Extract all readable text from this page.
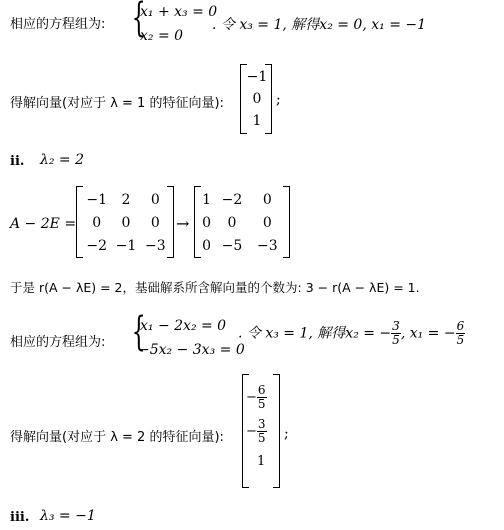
相应的方程组为: {
x₁ + x₃ = 0
x₂ = 0
. 令 x₃ = 1, 解得x₂ = 0, x₁ = −1
得解向量(对应于 λ = 1 的特征向量):
−1
0
1
;
ii. λ₂ = 2
A − 2E =
−1	2	0
0	0	0
−2	−1	−3
→
1	−2	0
0	0	0
0	−5	−3
于是 r(A − λE) = 2，基础解系所含解向量的个数为: 3 − r(A − λE) = 1.
相应的方程组为: {
x₁ − 2x₂ = 0
−5x₂ − 3x₃ = 0
. 令 x₃ = 1, 解得x₂ = − $\frac{3}{5}$ , x₁ = − $\frac{6}{5}$
得解向量(对应于 λ = 2 的特征向量):
− $\frac{6}{5}$
− $\frac{3}{5}$
1
;
iii. λ₃ = −1
